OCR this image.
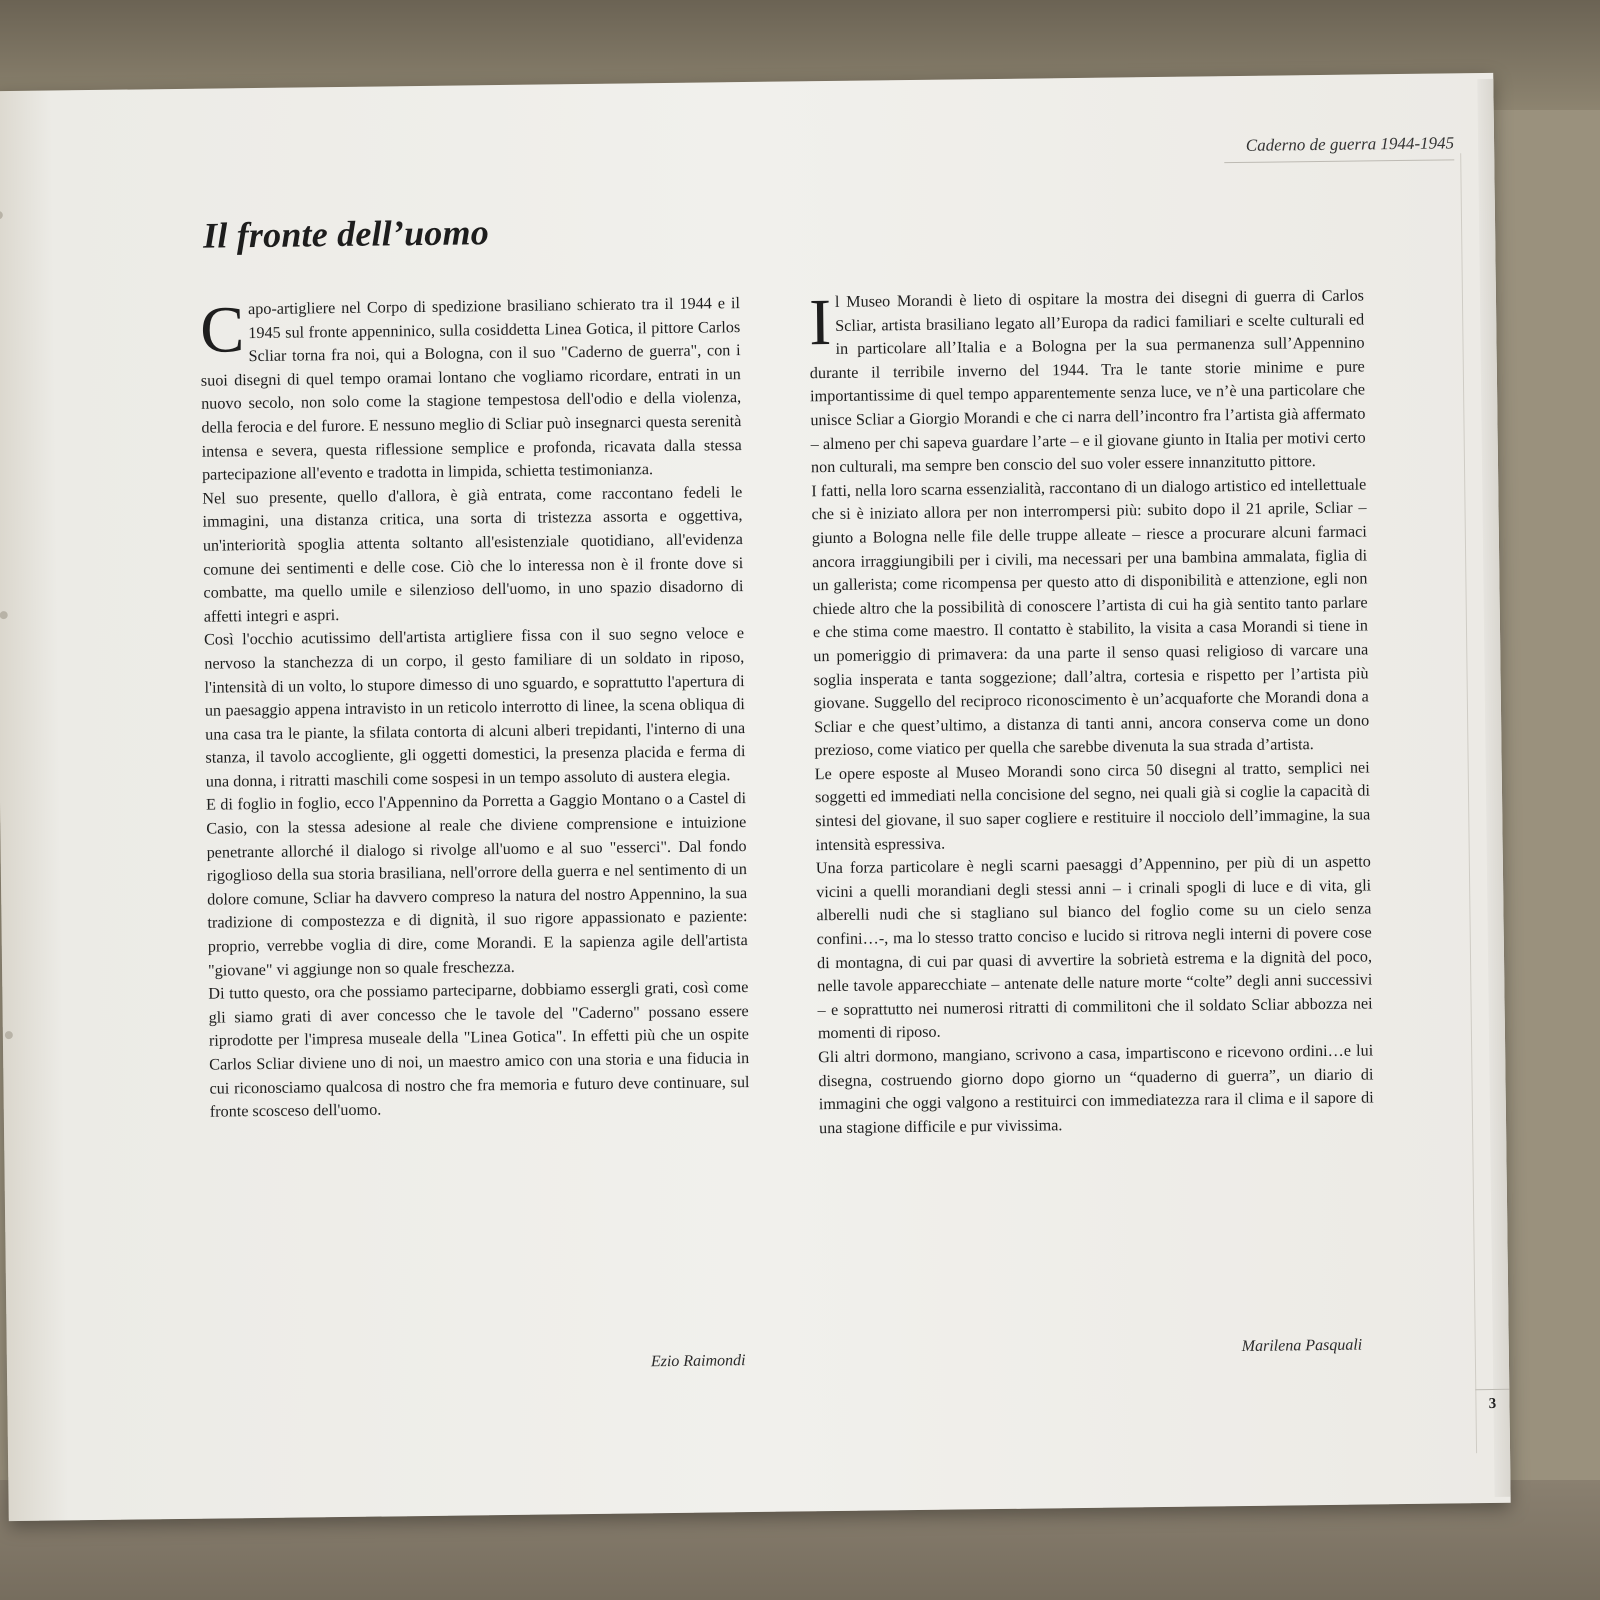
Caderno de guerra 1944-1945
Il fronte dell’uomo

Capo-artigliere nel Corpo di spedizione brasiliano schierato tra il 1944 e il 1945 sul fronte appenninico, sulla cosiddetta Linea Gotica, il pittore Carlos Scliar torna fra noi, qui a Bologna, con il suo "Caderno de guerra", con i suoi disegni di quel tempo oramai lontano che vogliamo ricordare, entrati in un nuovo secolo, non solo come la stagione tempestosa dell'odio e della violenza, della ferocia e del furore. E nessuno meglio di Scliar può insegnarci questa serenità intensa e severa, questa riflessione semplice e profonda, ricavata dalla stessa partecipazione all'evento e tradotta in limpida, schietta testimonianza.

Nel suo presente, quello d'allora, è già entrata, come raccontano fedeli le immagini, una distanza critica, una sorta di tristezza assorta e oggettiva, un'interiorità spoglia attenta soltanto all'esistenziale quotidiano, all'evidenza comune dei sentimenti e delle cose. Ciò che lo interessa non è il fronte dove si combatte, ma quello umile e silenzioso dell'uomo, in uno spazio disadorno di affetti integri e aspri.

Così l'occhio acutissimo dell'artista artigliere fissa con il suo segno veloce e nervoso la stanchezza di un corpo, il gesto familiare di un soldato in riposo, l'intensità di un volto, lo stupore dimesso di uno sguardo, e soprattutto l'apertura di un paesaggio appena intravisto in un reticolo interrotto di linee, la scena obliqua di una casa tra le piante, la sfilata contorta di alcuni alberi trepidanti, l'interno di una stanza, il tavolo accogliente, gli oggetti domestici, la presenza placida e ferma di una donna, i ritratti maschili come sospesi in un tempo assoluto di austera elegia.

E di foglio in foglio, ecco l'Appennino da Porretta a Gaggio Montano o a Castel di Casio, con la stessa adesione al reale che diviene comprensione e intuizione penetrante allorché il dialogo si rivolge all'uomo e al suo "esserci". Dal fondo rigoglioso della sua storia brasiliana, nell'orrore della guerra e nel sentimento di un dolore comune, Scliar ha davvero compreso la natura del nostro Appennino, la sua tradizione di compostezza e di dignità, il suo rigore appassionato e paziente: proprio, verrebbe voglia di dire, come Morandi. E la sapienza agile dell'artista "giovane" vi aggiunge non so quale freschezza.

Di tutto questo, ora che possiamo parteciparne, dobbiamo essergli grati, così come gli siamo grati di aver concesso che le tavole del "Caderno" possano essere riprodotte per l'impresa museale della "Linea Gotica". In effetti più che un ospite Carlos Scliar diviene uno di noi, un maestro amico con una storia e una fiducia in cui riconosciamo qualcosa di nostro che fra memoria e futuro deve continuare, sul fronte scosceso dell'uomo.

Ezio Raimondi

Il Museo Morandi è lieto di ospitare la mostra dei disegni di guerra di Carlos Scliar, artista brasiliano legato all’Europa da radici familiari e scelte culturali ed in particolare all’Italia e a Bologna per la sua permanenza sull’Appennino durante il terribile inverno del 1944. Tra le tante storie minime e pure importantissime di quel tempo apparentemente senza luce, ve n’è una particolare che unisce Scliar a Giorgio Morandi e che ci narra dell’incontro fra l’artista già affermato – almeno per chi sapeva guardare l’arte – e il giovane giunto in Italia per motivi certo non culturali, ma sempre ben conscio del suo voler essere innanzitutto pittore.

I fatti, nella loro scarna essenzialità, raccontano di un dialogo artistico ed intellettuale che si è iniziato allora per non interrompersi più: subito dopo il 21 aprile, Scliar – giunto a Bologna nelle file delle truppe alleate – riesce a procurare alcuni farmaci ancora irraggiungibili per i civili, ma necessari per una bambina ammalata, figlia di un gallerista; come ricompensa per questo atto di disponibilità e attenzione, egli non chiede altro che la possibilità di conoscere l’artista di cui ha già sentito tanto parlare e che stima come maestro. Il contatto è stabilito, la visita a casa Morandi si tiene in un pomeriggio di primavera: da una parte il senso quasi religioso di varcare una soglia insperata e tanta soggezione; dall’altra, cortesia e rispetto per l’artista più giovane. Suggello del reciproco riconoscimento è un’acquaforte che Morandi dona a Scliar e che quest’ultimo, a distanza di tanti anni, ancora conserva come un dono prezioso, come viatico per quella che sarebbe divenuta la sua strada d’artista.

Le opere esposte al Museo Morandi sono circa 50 disegni al tratto, semplici nei soggetti ed immediati nella concisione del segno, nei quali già si coglie la capacità di sintesi del giovane, il suo saper cogliere e restituire il nocciolo dell’immagine, la sua intensità espressiva.

Una forza particolare è negli scarni paesaggi d’Appennino, per più di un aspetto vicini a quelli morandiani degli stessi anni – i crinali spogli di luce e di vita, gli alberelli nudi che si stagliano sul bianco del foglio come su un cielo senza confini…-, ma lo stesso tratto conciso e lucido si ritrova negli interni di povere cose di montagna, di cui par quasi di avvertire la sobrietà estrema e la dignità del poco, nelle tavole apparecchiate – antenate delle nature morte “colte” degli anni successivi – e soprattutto nei numerosi ritratti di commilitoni che il soldato Scliar abbozza nei momenti di riposo.

Gli altri dormono, mangiano, scrivono a casa, impartiscono e ricevono ordini…e lui disegna, costruendo giorno dopo giorno un “quaderno di guerra”, un diario di immagini che oggi valgono a restituirci con immediatezza rara il clima e il sapore di una stagione difficile e pur vivissima.

Marilena Pasquali
3
